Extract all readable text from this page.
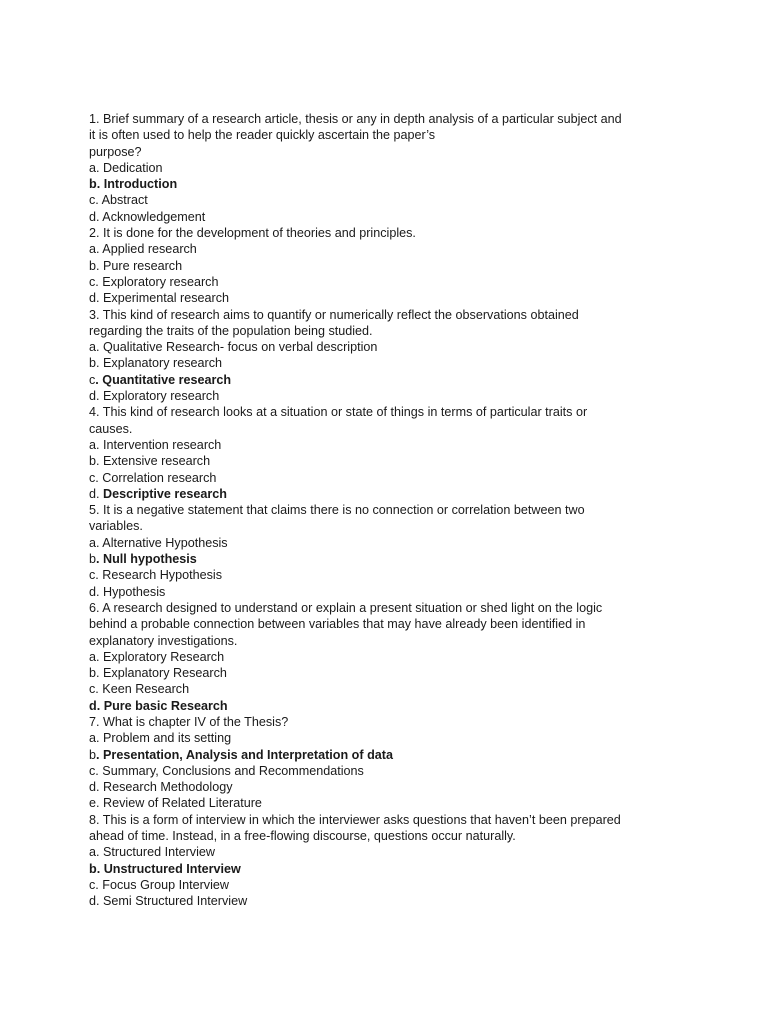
1. Brief summary of a research article, thesis or any in depth analysis of a particular subject and

it is often used to help the reader quickly ascertain the paper’s

purpose?

a. Dedication

b. Introduction

c. Abstract

d. Acknowledgement

2. It is done for the development of theories and principles.

a. Applied research

b. Pure research

c. Exploratory research

d. Experimental research

3. This kind of research aims to quantify or numerically reflect the observations obtained

regarding the traits of the population being studied.

a. Qualitative Research- focus on verbal description

b. Explanatory research

c. Quantitative research

d. Exploratory research

4. This kind of research looks at a situation or state of things in terms of particular traits or

causes.

a. Intervention research

b. Extensive research

c. Correlation research

d. Descriptive research

5. It is a negative statement that claims there is no connection or correlation between two

variables.

a. Alternative Hypothesis

b. Null hypothesis

c. Research Hypothesis

d. Hypothesis

6. A research designed to understand or explain a present situation or shed light on the logic

behind a probable connection between variables that may have already been identified in

explanatory investigations.

a. Exploratory Research

b. Explanatory Research

c. Keen Research

d. Pure basic Research

7. What is chapter IV of the Thesis?

a. Problem and its setting

b. Presentation, Analysis and Interpretation of data

c. Summary, Conclusions and Recommendations

d. Research Methodology

e. Review of Related Literature

8. This is a form of interview in which the interviewer asks questions that haven’t been prepared

ahead of time. Instead, in a free-flowing discourse, questions occur naturally.

a. Structured Interview

b. Unstructured Interview

c. Focus Group Interview

d. Semi Structured Interview
